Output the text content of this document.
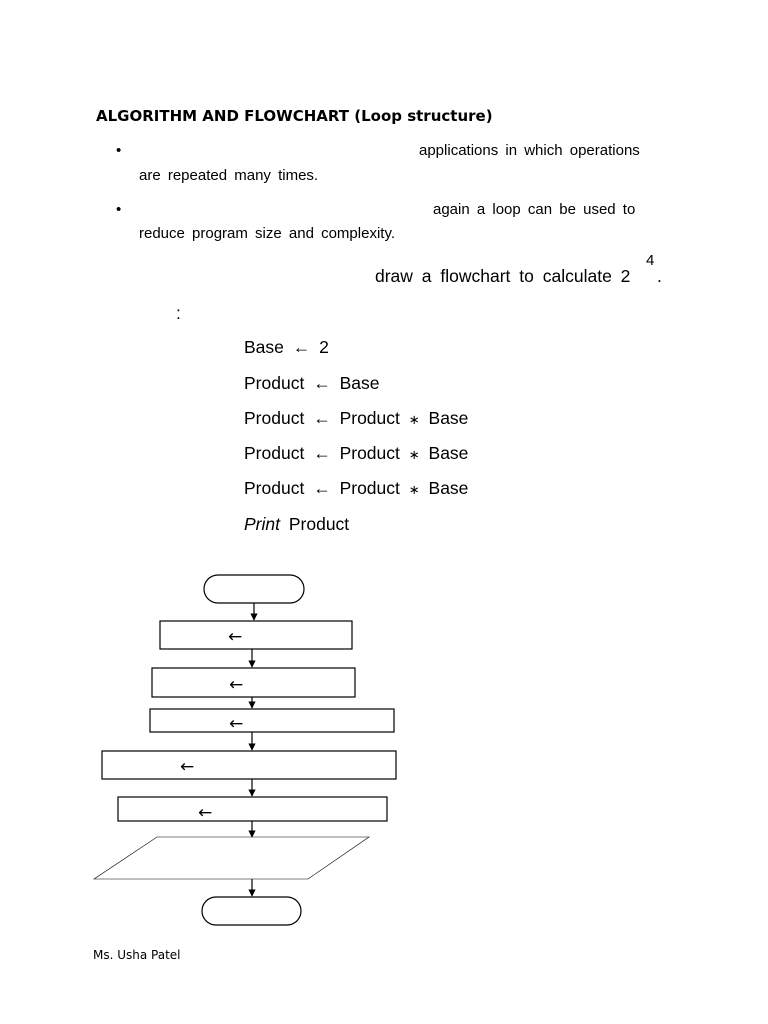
ALGORITHM AND FLOWCHART (Loop structure)
•	applications in which operations
are repeated many times.
•	again a loop can be used to
reduce program size and complexity.
draw a flowchart to calculate 2
4
.
:
Base ← 2
Product ← Base
Product ← Product ∗ Base
Product ← Product ∗ Base
Product ← Product ∗ Base
Print Product
←
←
←
←
←
Ms. Usha Patel
